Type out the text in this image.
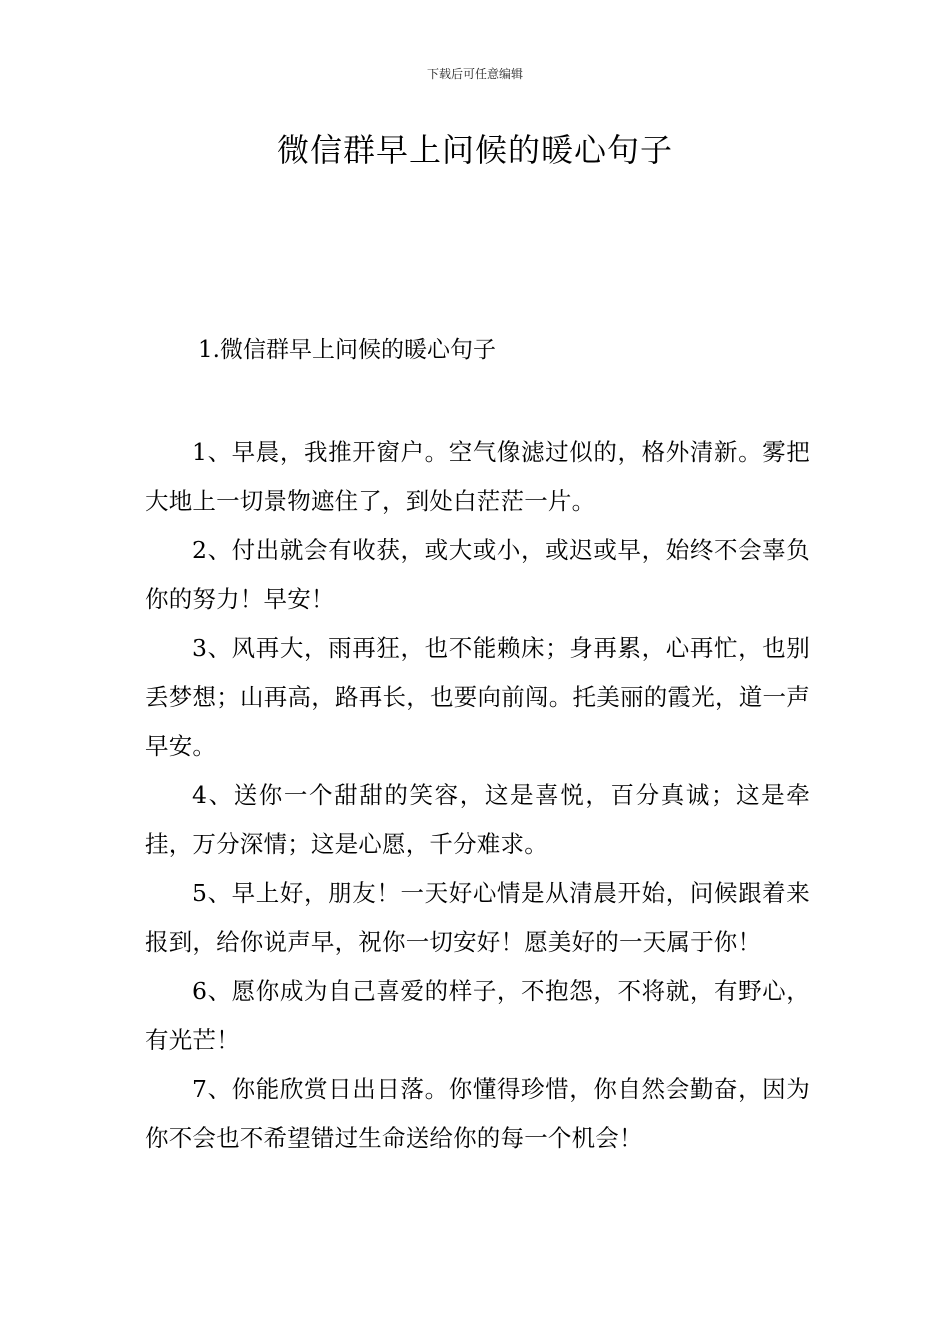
下载后可任意编辑
微信群早上问候的暖心句子
1.微信群早上问候的暖心句子

1、早晨，我推开窗户。空气像滤过似的，格外清新。雾把大地上一切景物遮住了，到处白茫茫一片。

2、付出就会有收获，或大或小，或迟或早，始终不会辜负你的努力！早安！

3、风再大，雨再狂，也不能赖床；身再累，心再忙，也别丢梦想；山再高，路再长，也要向前闯。托美丽的霞光，道一声早安。

4、送你一个甜甜的笑容，这是喜悦，百分真诚；这是牵挂，万分深情；这是心愿，千分难求。

5、早上好，朋友！一天好心情是从清晨开始，问候跟着来报到，给你说声早，祝你一切安好！愿美好的一天属于你！

6、愿你成为自己喜爱的样子，不抱怨，不将就，有野心，有光芒！

7、你能欣赏日出日落。你懂得珍惜，你自然会勤奋，因为你不会也不希望错过生命送给你的每一个机会！
